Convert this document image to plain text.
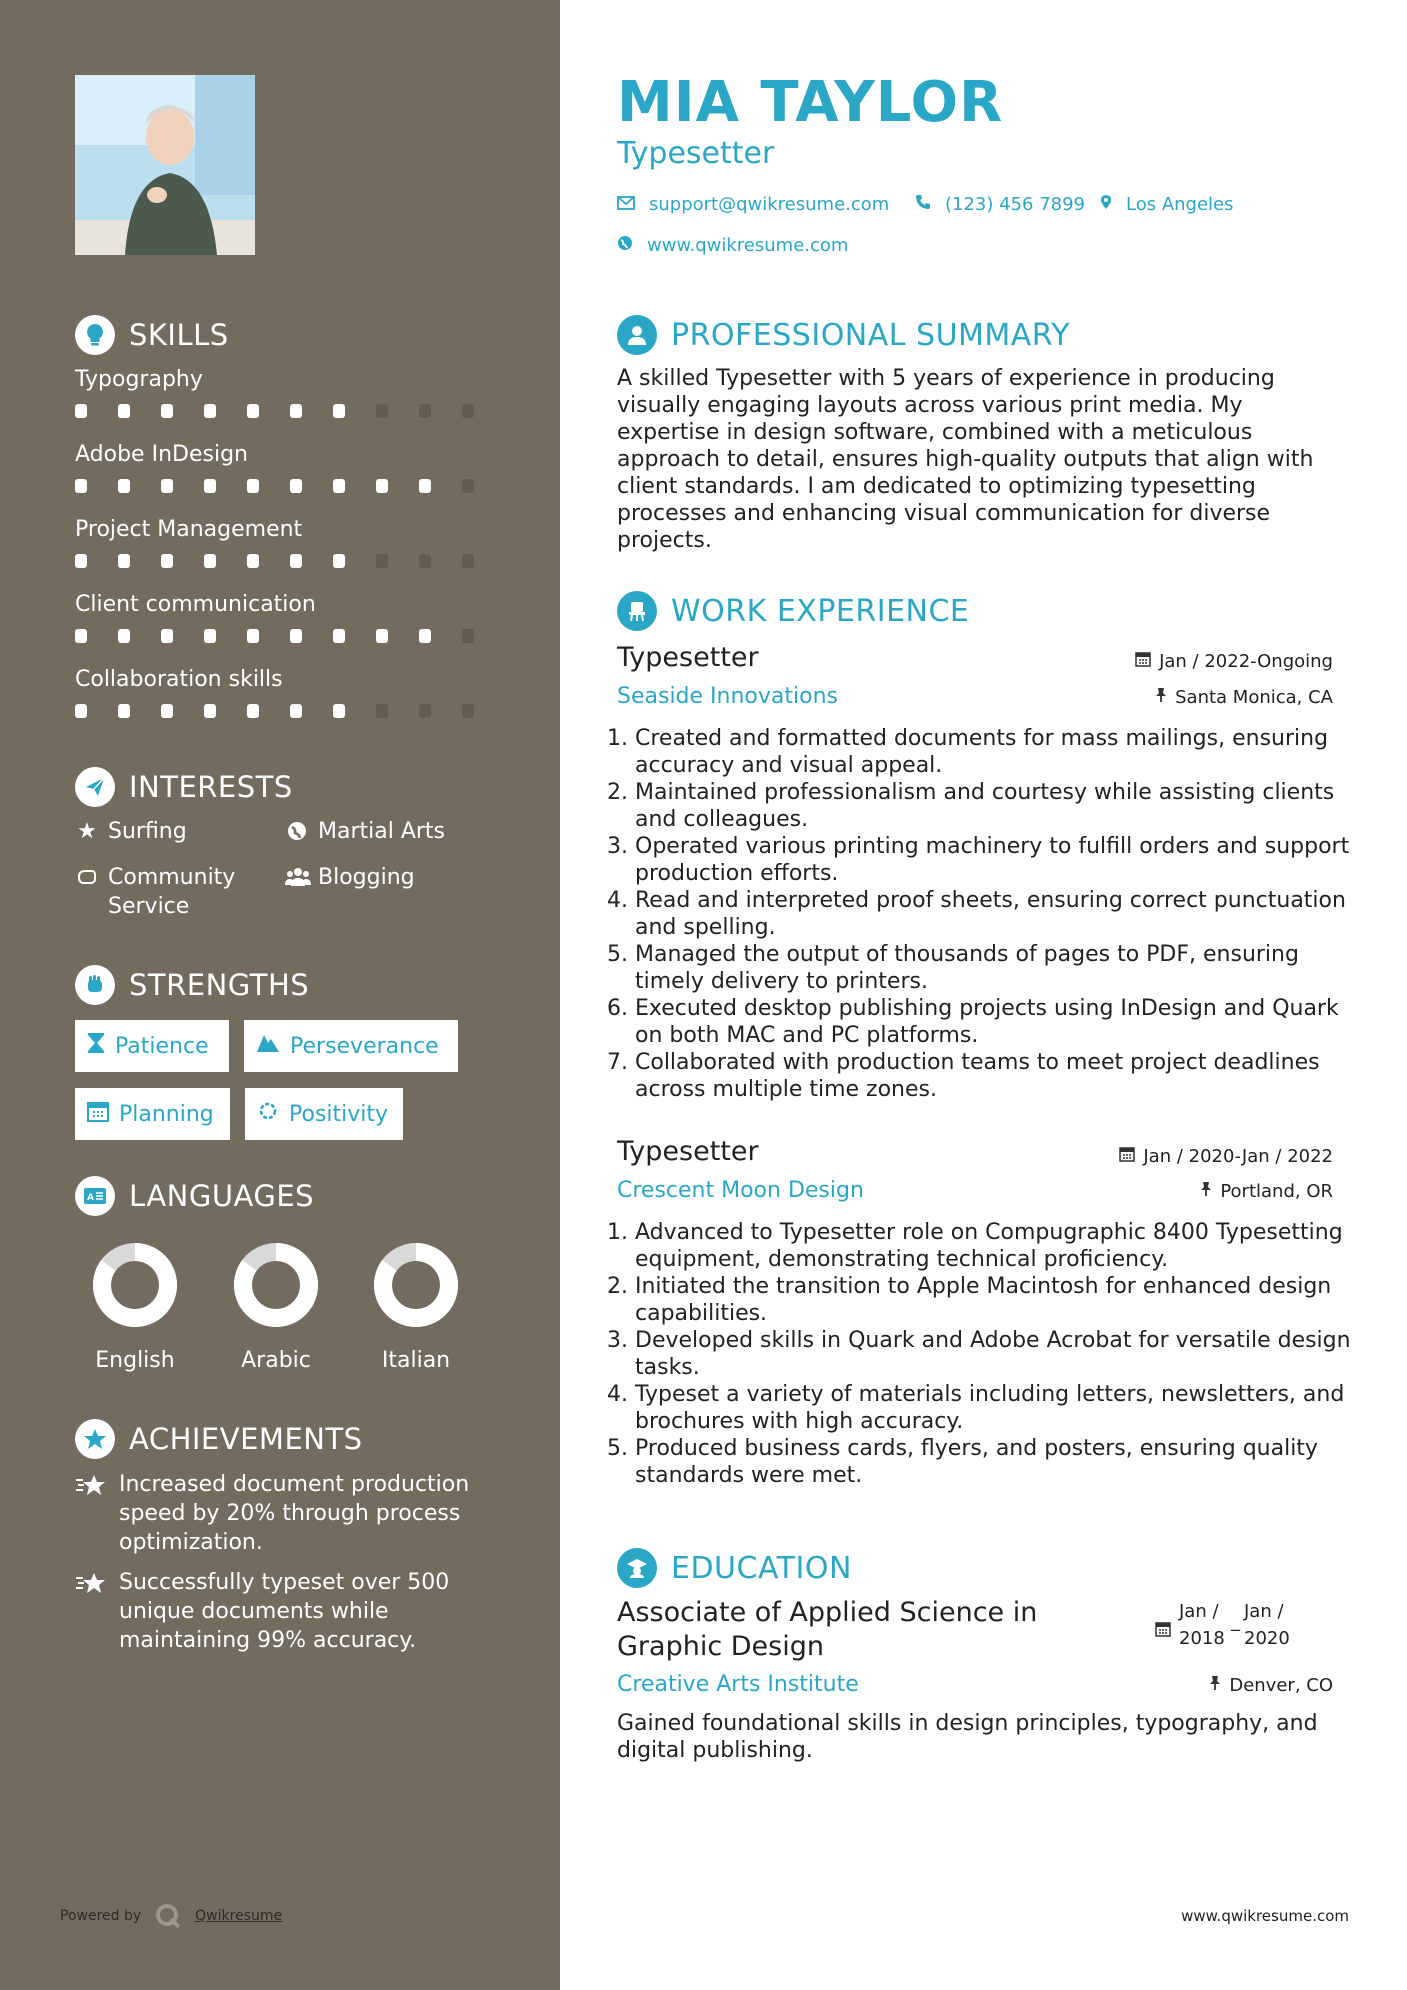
SKILLS
Typography
Adobe InDesign
Project Management
Client communication
Collaboration skills
INTERESTS
★ Surfing	Martial Arts
Community Service
Blogging
STRENGTHS
Patience	Perseverance
Planning	Positivity
A LANGUAGES
English	Arabic	Italian
ACHIEVEMENTS
Increased document production speed by 20% through process optimization.
Successfully typeset over 500 unique documents while maintaining 99% accuracy.
Powered by	Qwikresume
MIA TAYLOR
Typesetter
support@qwikresume.com	(123) 456 7899 Los Angeles
www.qwikresume.com
PROFESSIONAL SUMMARY

A skilled Typesetter with 5 years of experience in producing visually engaging layouts across various print media. My expertise in design software, combined with a meticulous approach to detail, ensures high-quality outputs that align with client standards. I am dedicated to optimizing typesetting processes and enhancing visual communication for diverse projects.

WORK EXPERIENCE
Typesetter	Jan / 2022-Ongoing
Seaside Innovations	Santa Monica, CA
1. Created and formatted documents for mass mailings, ensuring accuracy and visual appeal.
2. Maintained professionalism and courtesy while assisting clients and colleagues.
3. Operated various printing machinery to fulfill orders and support production efforts.
4. Read and interpreted proof sheets, ensuring correct punctuation and spelling.
5. Managed the output of thousands of pages to PDF, ensuring timely delivery to printers.
6. Executed desktop publishing projects using InDesign and Quark on both MAC and PC platforms.
7. Collaborated with production teams to meet project deadlines across multiple time zones.
Typesetter	Jan / 2020-Jan / 2022
Crescent Moon Design	Portland, OR
1. Advanced to Typesetter role on Compugraphic 8400 Typesetting equipment, demonstrating technical proficiency.
2. Initiated the transition to Apple Macintosh for enhanced design capabilities.
3. Developed skills in Quark and Adobe Acrobat for versatile design tasks.
4. Typeset a variety of materials including letters, newsletters, and brochures with high accuracy.
5. Produced business cards, flyers, and posters, ensuring quality standards were met.
EDUCATION
Associate of Applied Science in Graphic Design
Jan / 2018
_ Jan / 2020
Creative Arts Institute	Denver, CO

Gained foundational skills in design principles, typography, and digital publishing.

www.qwikresume.com
